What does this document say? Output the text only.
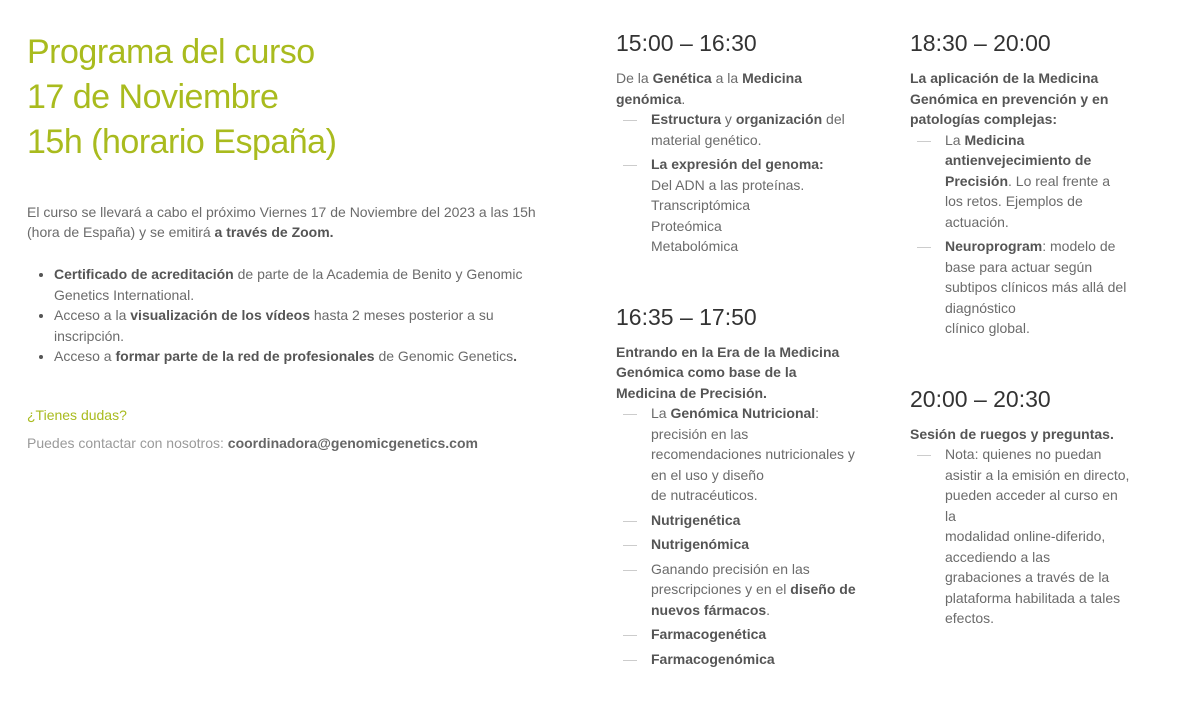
Programa del curso
17 de Noviembre
15h (horario España)

El curso se llevará a cabo el próximo Viernes 17 de Noviembre del 2023 a las 15h (hora de España) y se emitirá a través de Zoom.

• Certificado de acreditación de parte de la Academia de Benito y Genomic Genetics International.
• Acceso a la visualización de los vídeos hasta 2 meses posterior a su inscripción.
• Acceso a formar parte de la red de profesionales de Genomic Genetics.
¿Tienes dudas?
Puedes contactar con nosotros: coordinadora@genomicgenetics.com
15:00 – 16:30
De la Genética a la Medicina genómica.
— Estructura y organización del material genético.
— La expresión del genoma:
Del ADN a las proteínas.
Transcriptómica
Proteómica
Metabolómica
16:35 – 17:50
Entrando en la Era de la Medicina Genómica como base de la Medicina de Precisión.
— La Genómica Nutricional:
precisión en las recomendaciones nutricionales y en el uso y diseño
de nutracéuticos.
— Nutrigenética
— Nutrigenómica
— Ganando precisión en las prescripciones y en el diseño de nuevos fármacos.
— Farmacogenética
— Farmacogenómica
18:30 – 20:00
La aplicación de la Medicina Genómica en prevención y en patologías complejas:
— La Medicina antienvejecimiento de Precisión. Lo real frente a los retos. Ejemplos de actuación.
— Neuroprogram: modelo de base para actuar según subtipos clínicos más allá del diagnóstico
clínico global.
20:00 – 20:30
Sesión de ruegos y preguntas.
— Nota: quienes no puedan asistir a la emisión en directo, pueden acceder al curso en la
modalidad online-diferido, accediendo a las grabaciones a través de la plataforma habilitada a tales efectos.
